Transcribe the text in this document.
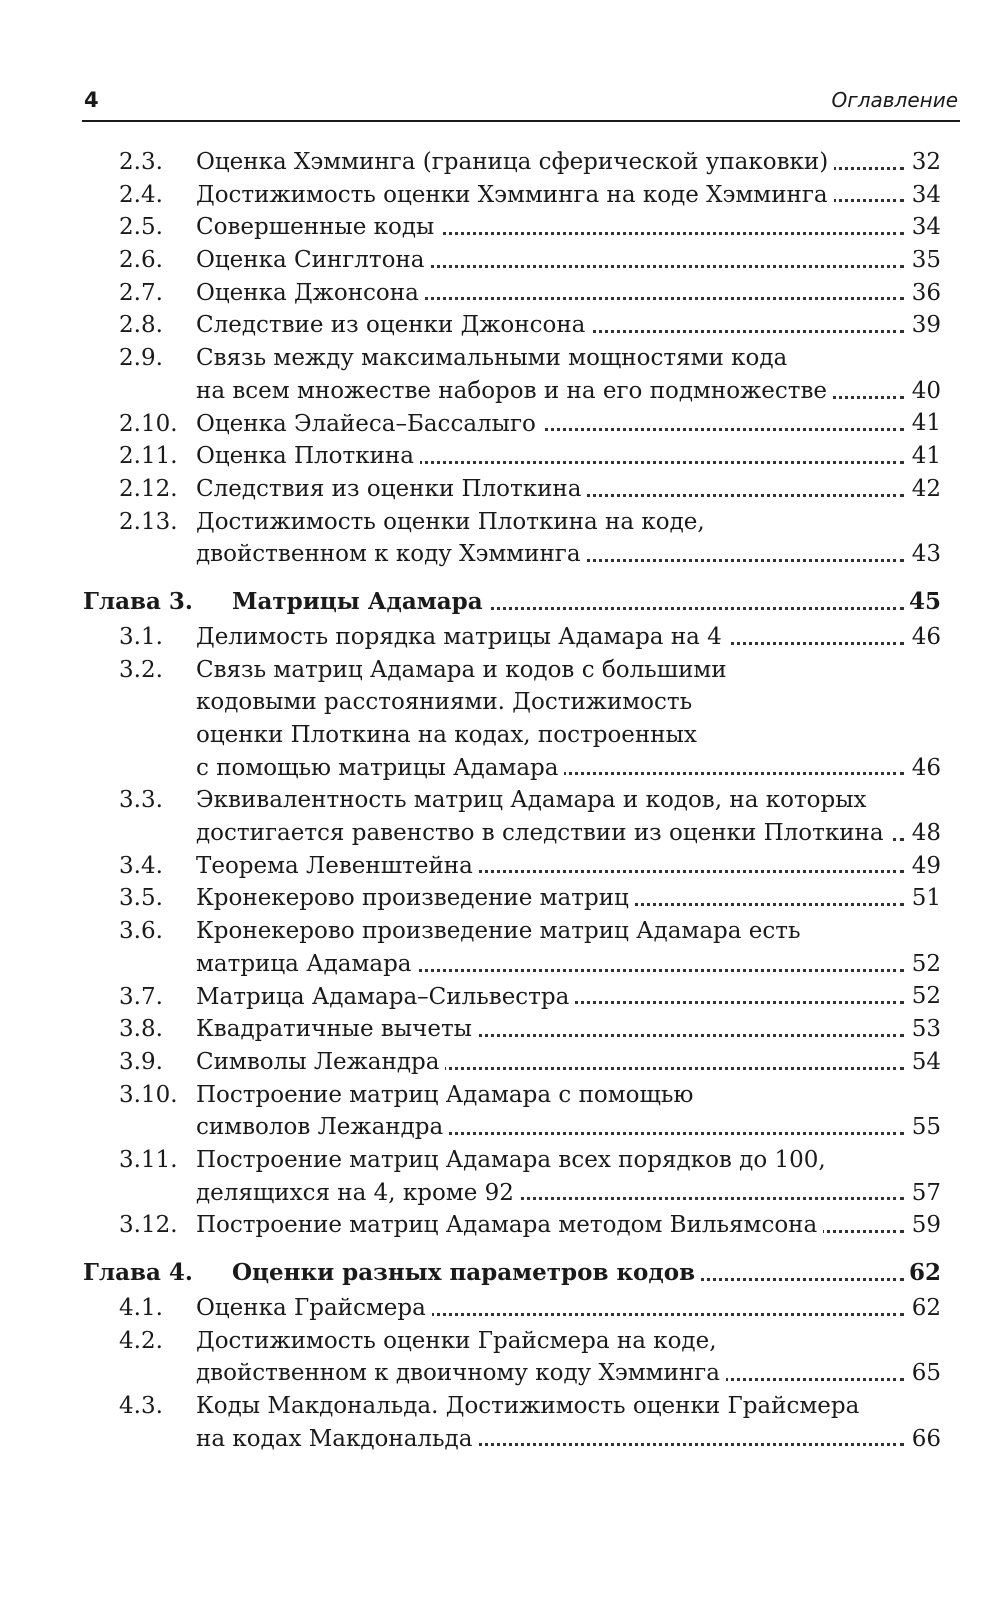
4	Оглавление
2.3. Оценка Хэмминга (граница сферической упаковки)	32
2.4. Достижимость оценки Хэмминга на коде Хэмминга	34
2.5. Совершенные коды	34
2.6. Оценка Синглтона	35
2.7. Оценка Джонсона	36
2.8. Следствие из оценки Джонсона	39
2.9. Связь между максимальными мощностями кода
на всем множестве наборов и на его подмножестве	40
2.10. Оценка Элайеса–Бассалыго	41
2.11. Оценка Плоткина	41
2.12. Следствия из оценки Плоткина	42
2.13. Достижимость оценки Плоткина на коде,
двойственном к коду Хэмминга	43
Глава 3. Матрицы Адамара	45
3.1. Делимость порядка матрицы Адамара на 4	46
3.2. Связь матриц Адамара и кодов с большими
кодовыми расстояниями. Достижимость
оценки Плоткина на кодах, построенных
с помощью матрицы Адамара	46
3.3. Эквивалентность матриц Адамара и кодов, на которых
достигается равенство в следствии из оценки Плоткина	48
3.4. Теорема Левенштейна	49
3.5. Кронекерово произведение матриц	51
3.6. Кронекерово произведение матриц Адамара есть
матрица Адамара	52
3.7. Матрица Адамара–Сильвестра	52
3.8. Квадратичные вычеты	53
3.9. Символы Лежандра	54
3.10. Построение матриц Адамара с помощью
символов Лежандра	55
3.11. Построение матриц Адамара всех порядков до 100,
делящихся на 4, кроме 92	57
3.12. Построение матриц Адамара методом Вильямсона	59
Глава 4. Оценки разных параметров кодов	62
4.1. Оценка Грайсмера	62
4.2. Достижимость оценки Грайсмера на коде,
двойственном к двоичному коду Хэмминга	65
4.3. Коды Макдональда. Достижимость оценки Грайсмера
на кодах Макдональда	66
